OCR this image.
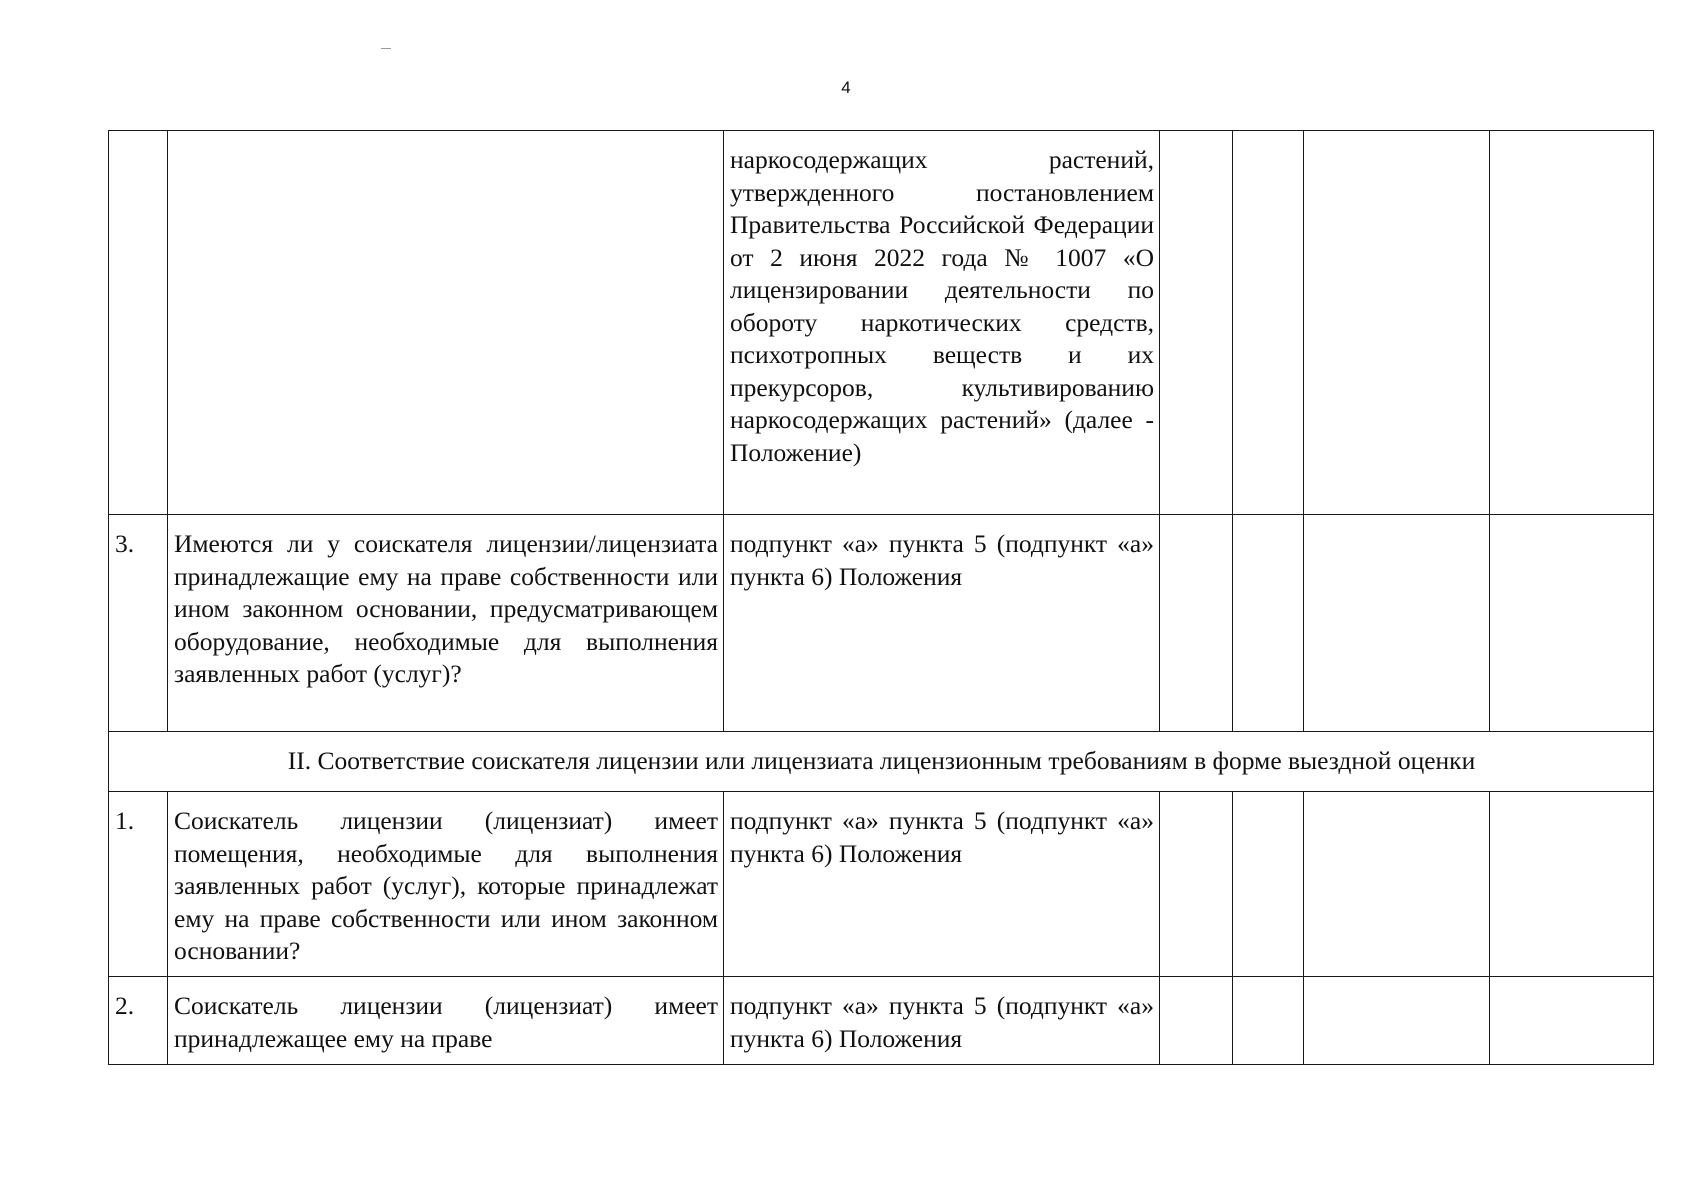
4
		наркосодержащих растений, утвержденного постановлением Правительства Российской Федерации от 2 июня 2022 года № 1007 «О лицензировании деятельности по обороту наркотических средств, психотропных веществ и их прекурсоров, культивированию наркосодержащих растений» (далее - Положение)				
3.	Имеются ли у соискателя лицензии/лицензиата принадлежащие ему на праве собственности или ином законном основании, предусматривающем оборудование, необходимые для выполнения заявленных работ (услуг)?	подпункт «а» пункта 5 (подпункт «а» пункта 6) Положения				
II. Соответствие соискателя лицензии или лицензиата лицензионным требованиям в форме выездной оценки						
1.	Соискатель лицензии (лицензиат) имеет помещения, необходимые для выполнения заявленных работ (услуг), которые принадлежат ему на праве собственности или ином законном основании?	подпункт «а» пункта 5 (подпункт «а» пункта 6) Положения				
2.	Соискатель лицензии (лицензиат) имеет принадлежащее ему на праве	подпункт «а» пункта 5 (подпункт «а» пункта 6) Положения				
